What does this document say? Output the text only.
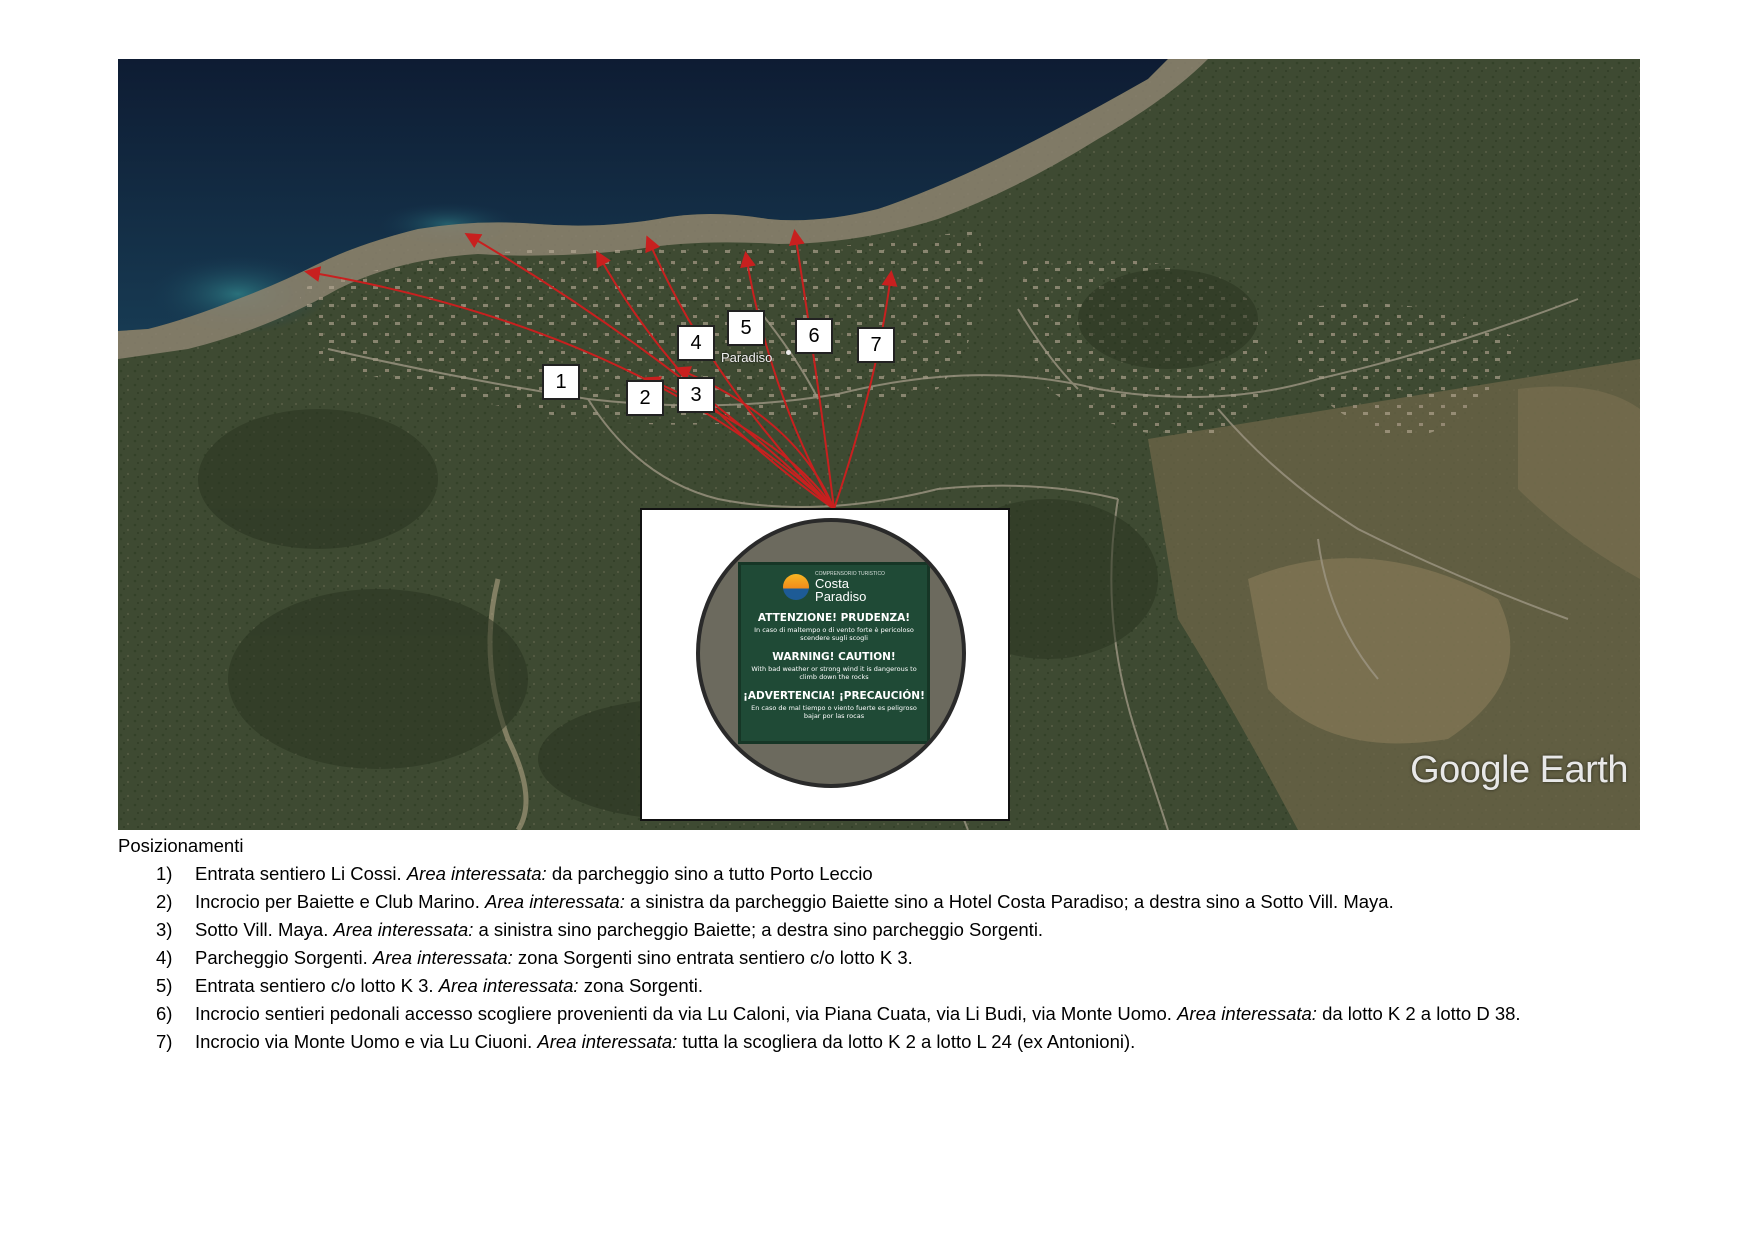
Paradiso
1
2	3
4
5	6	7
COMPRENSORIO TURISTICO
Costa
Paradiso
ATTENZIONE! PRUDENZA!
In caso di maltempo o di vento forte è pericoloso scendere sugli scogli
WARNING! CAUTION!
With bad weather or strong wind it is dangerous to climb down the rocks
¡ADVERTENCIA! ¡PRECAUCIÓN!
En caso de mal tiempo o viento fuerte es peligroso bajar por las rocas
Google Earth
Posizionamenti
1) Entrata sentiero Li Cossi. Area interessata: da parcheggio sino a tutto Porto Leccio
2) Incrocio per Baiette e Club Marino. Area interessata: a sinistra da parcheggio Baiette sino a Hotel Costa Paradiso; a destra sino a Sotto Vill. Maya.
3) Sotto Vill. Maya. Area interessata: a sinistra sino parcheggio Baiette; a destra sino parcheggio Sorgenti.
4) Parcheggio Sorgenti. Area interessata: zona Sorgenti sino entrata sentiero c/o lotto K 3.
5) Entrata sentiero c/o lotto K 3. Area interessata: zona Sorgenti.
6) Incrocio sentieri pedonali accesso scogliere provenienti da via Lu Caloni, via Piana Cuata, via Li Budi, via Monte Uomo. Area interessata: da lotto K 2 a lotto D 38.
7) Incrocio via Monte Uomo e via Lu Ciuoni. Area interessata: tutta la scogliera da lotto K 2 a lotto L 24 (ex Antonioni).
